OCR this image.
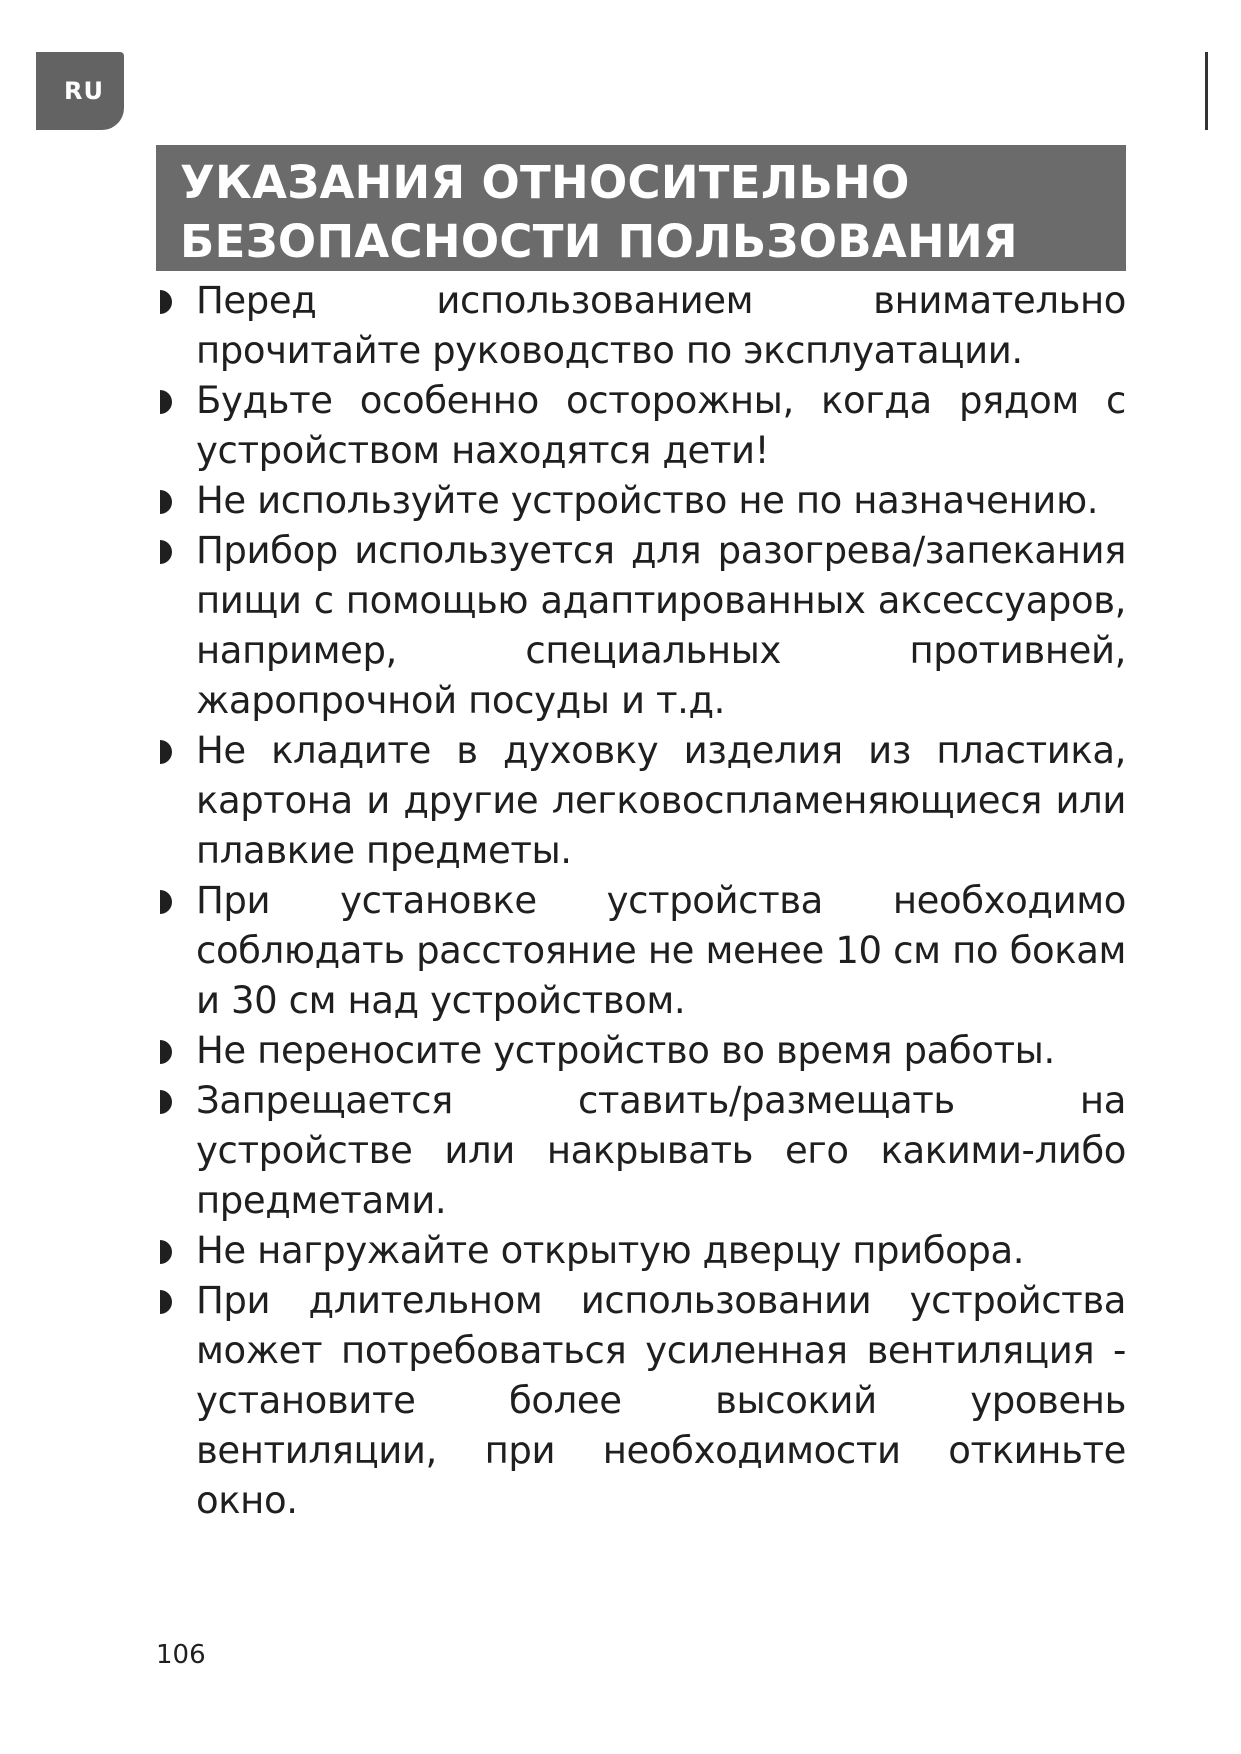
RU
УКАЗАНИЯ ОТНОСИТЕЛЬНО
БЕЗОПАСНОСТИ ПОЛЬЗОВАНИЯ
Перед использованием внимательно прочитайте руководство по эксплуатации.
Будьте особенно осторожны, когда рядом с устройством находятся дети!
Не используйте устройство не по назначению.
Прибор используется для разогрева/запекания пищи с помощью адаптированных аксессуаров, например, специальных противней, жаропрочной посуды и т.д.
Не кладите в духовку изделия из пластика, картона и другие легковоспламеняющиеся или плавкие предметы.
При установке устройства необходимо соблюдать расстояние не менее 10 см по бокам и 30 см над устройством.
Не переносите устройство во время работы.
Запрещается ставить/размещать на устройстве или накрывать его какими-либо предметами.
Не нагружайте открытую дверцу прибора.
При длительном использовании устройства может потребоваться усиленная вентиляция - установите более высокий уровень вентиляции, при необходимости откиньте окно.
106
